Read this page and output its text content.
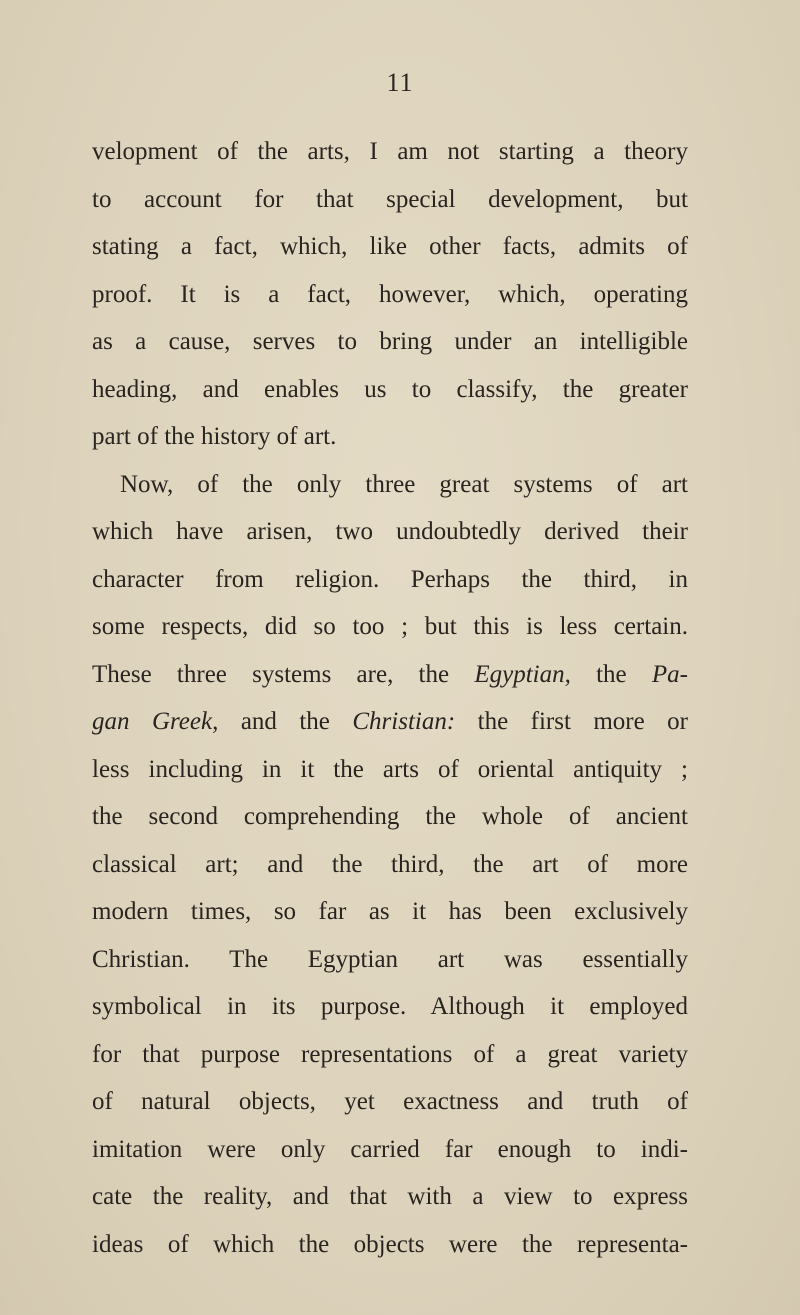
11
velopment of the arts, I am not starting a theory
to account for that special development, but
stating a fact, which, like other facts, admits of
proof. It is a fact, however, which, operating
as a cause, serves to bring under an intelligible
heading, and enables us to classify, the greater
part of the history of art.
Now, of the only three great systems of art
which have arisen, two undoubtedly derived their
character from religion. Perhaps the third, in
some respects, did so too ; but this is less certain.
These three systems are, the Egyptian, the Pa-
gan Greek, and the Christian: the first more or
less including in it the arts of oriental antiquity ;
the second comprehending the whole of ancient
classical art; and the third, the art of more
modern times, so far as it has been exclusively
Christian. The Egyptian art was essentially
symbolical in its purpose. Although it employed
for that purpose representations of a great variety
of natural objects, yet exactness and truth of
imitation were only carried far enough to indi-
cate the reality, and that with a view to express
ideas of which the objects were the representa-
